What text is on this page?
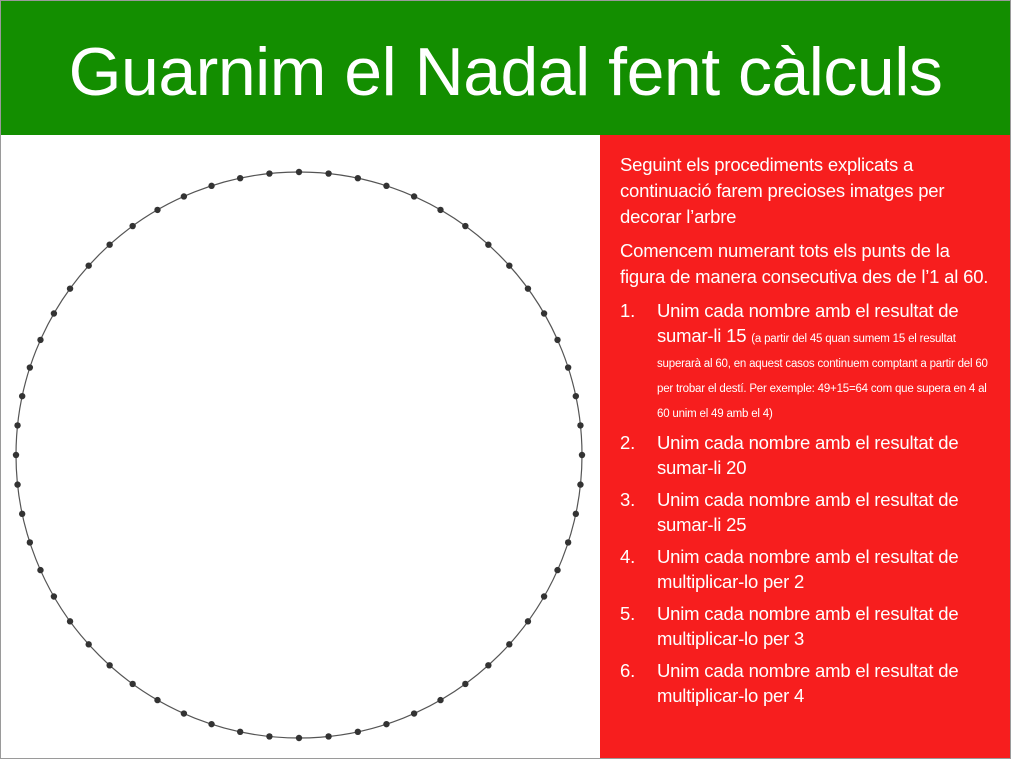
Guarnim el Nadal fent càlculs

Seguint els procediments explicats a continuació farem precioses imatges per decorar l’arbre

Comencem numerant tots els punts de la figura de manera consecutiva des de l’1 al 60.

1. Unim cada nombre amb el resultat de sumar-li 15 (a partir del 45 quan sumem 15 el resultat superarà al 60, en aquest casos continuem comptant a partir del 60 per trobar el destí. Per exemple: 49+15=64 com que supera en 4 al 60 unim el 49 amb el 4)
2. Unim cada nombre amb el resultat de sumar-li 20
3. Unim cada nombre amb el resultat de sumar-li 25
4. Unim cada nombre amb el resultat de multiplicar-lo per 2
5. Unim cada nombre amb el resultat de multiplicar-lo per 3
6. Unim cada nombre amb el resultat de multiplicar-lo per 4
